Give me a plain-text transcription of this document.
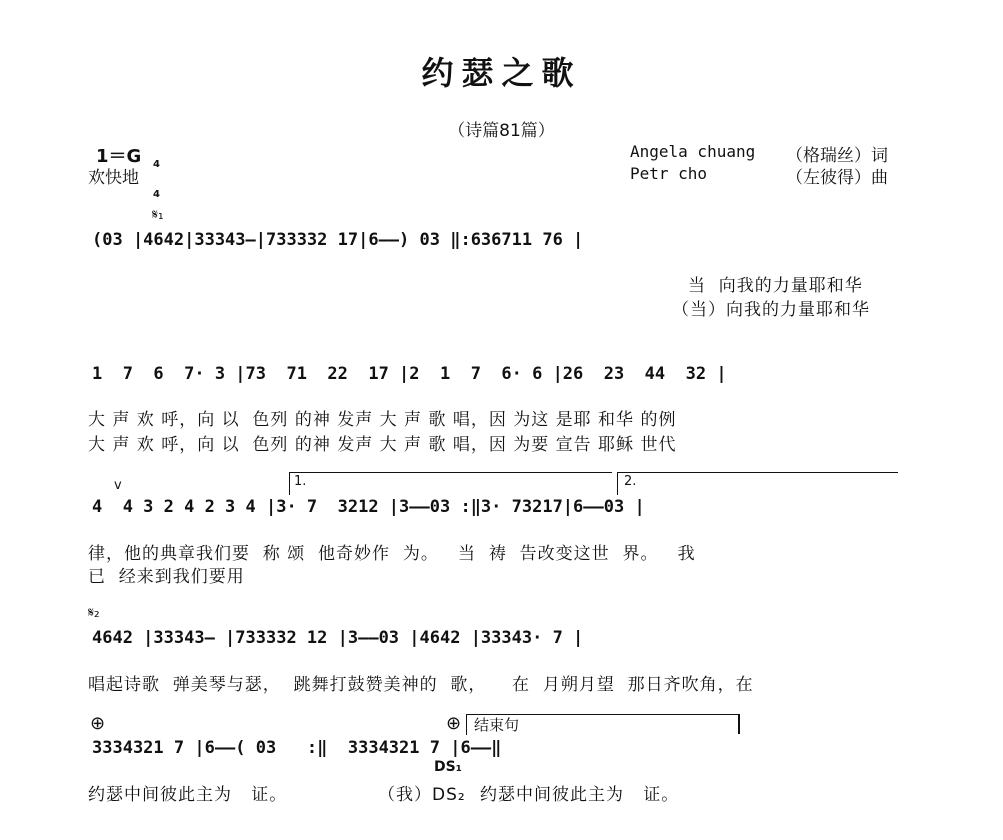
约瑟之歌
（诗篇81篇）
1＝G

4

4

欢快地
Angela chuang （格瑞丝）词
Petr cho	（左彼得）曲
𝄋₁
(03 |4642|33343—|733332 17|6——) 03 ‖:636711 76 |
当  向我的力量耶和华
（当）向我的力量耶和华
1  7  6  7· 3 |73  71  22  17 |2  1  7  6· 6 |26  23  44  32 |
大 声 欢 呼，向 以  色列 的神 发声 大 声 歌 唱，因 为这 是耶 和华 的例
大 声 欢 呼，向 以  色列 的神 发声 大 声 歌 唱，因 为要 宣告 耶稣 世代
1.	2.
v
4  4 3 2 4 2 3 4 |3· 7  3212 |3——03 :‖3· 73217|6——03 |
律，他的典章我们要  称 颂  他奇妙作  为。   当  祷  告改变这世  界。   我
已  经来到我们要用
𝄋₂
4642 |33343— |733332 12 |3——03 |4642 |33343· 7 |
唱起诗歌  弹美琴与瑟，  跳舞打鼓赞美神的  歌，    在  月朔月望  那日齐吹角，在
⊕	⊕ 结束句
3334321 7 |6——( 03   :‖  3334321 7 |6——‖
DS₁
约瑟中间彼此主为   证。	（我）DS₂ 约瑟中间彼此主为   证。
